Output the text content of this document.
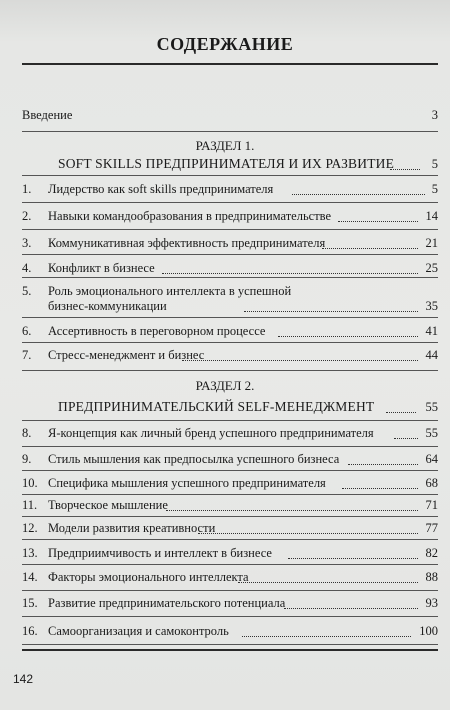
СОДЕРЖАНИЕ
Введение	3
РАЗДЕЛ 1.
SOFT SKILLS ПРЕДПРИНИМАТЕЛЯ И ИХ РАЗВИТИЕ	5
1. Лидерство как soft skills предпринимателя	5
2. Навыки командообразования в предпринимательстве	14
3. Коммуникативная эффективность предпринимателя	21
4. Конфликт в бизнесе	25
5. Роль эмоционального интеллекта в успешной
бизнес-коммуникации	35
6. Ассертивность в переговорном процессе	41
7. Стресс-менеджмент и бизнес	44
РАЗДЕЛ 2.
ПРЕДПРИНИМАТЕЛЬСКИЙ SELF-МЕНЕДЖМЕНТ	55
8. Я-концепция как личный бренд успешного предпринимателя	55
9. Стиль мышления как предпосылка успешного бизнеса	64
10. Специфика мышления успешного предпринимателя	68
11. Творческое мышление	71
12. Модели развития креативности	77
13. Предприимчивость и интеллект в бизнесе	82
14. Факторы эмоционального интеллекта	88
15. Развитие предпринимательского потенциала	93
16. Самоорганизация и самоконтроль	100
142
